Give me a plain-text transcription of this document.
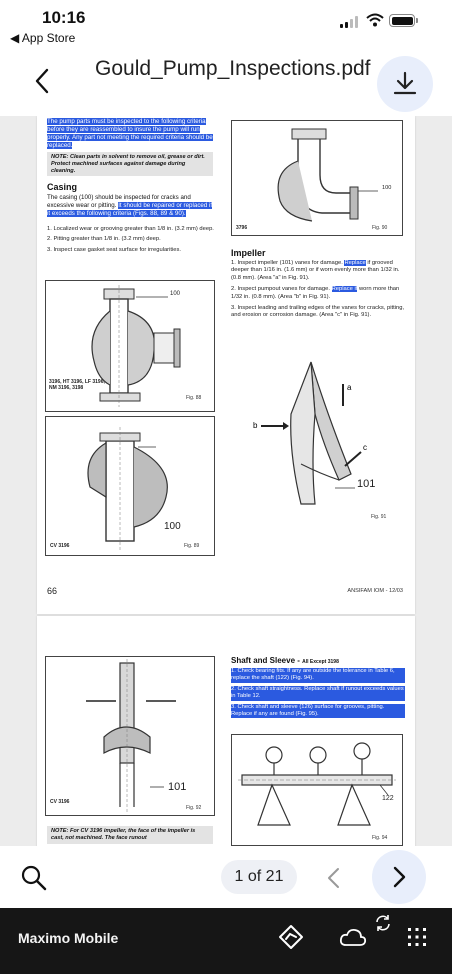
10:16
◀ App Store
Gould_Pump_Inspections.pdf
The pump parts must be inspected to the following criteria before they are reassembled to insure the pump will run properly. Any part not meeting the required criteria should be replaced.
NOTE: Clean parts in solvent to remove oil, grease or dirt. Protect machined surfaces against damage during cleaning.
Casing
The casing (100) should be inspected for cracks and excessive wear or pitting. It should be repaired or replaced if it exceeds the following criteria (Figs. 88, 89 & 90).
1. Localized wear or grooving greater than 1/8 in. (3.2 mm) deep.
2. Pitting greater than 1/8 in. (3.2 mm) deep.
3. Inspect case gasket seat surface for irregularities.
100
3196, HT 3196, LF 3196, NM 3196, 3198
Fig. 88
100
CV 3196	Fig. 89
100
3796	Fig. 90
Impeller
1. Inspect impeller (101) vanes for damage. Replace if grooved deeper than 1/16 in. (1.6 mm) or if worn evenly more than 1/32 in. (0.8 mm). (Area "a" in Fig. 91).
2. Inspect pumpout vanes for damage. Replace if worn more than 1/32 in. (0.8 mm). (Area "b" in Fig. 91).
3. Inspect leading and trailing edges of the vanes for cracks, pitting, and erosion or corrosion damage. (Area "c" in Fig. 91).
b
a
c
101
Fig. 91
66	ANSIFAM IOM - 12/03
101
CV 3196
Fig. 92
NOTE: For CV 3196 impeller, the face of the impeller is cast, not machined. The face runout
Shaft and Sleeve - All Except 3198
1. Check bearing fits. If any are outside the tolerance in Table 6, replace the shaft (122) (Fig. 94).
2. Check shaft straightness. Replace shaft if runout exceeds values in Table 12.
3. Check shaft and sleeve (126) surface for grooves, pitting. Replace if any are found (Fig. 95).
122
Fig. 94
1 of 21
Maximo Mobile
